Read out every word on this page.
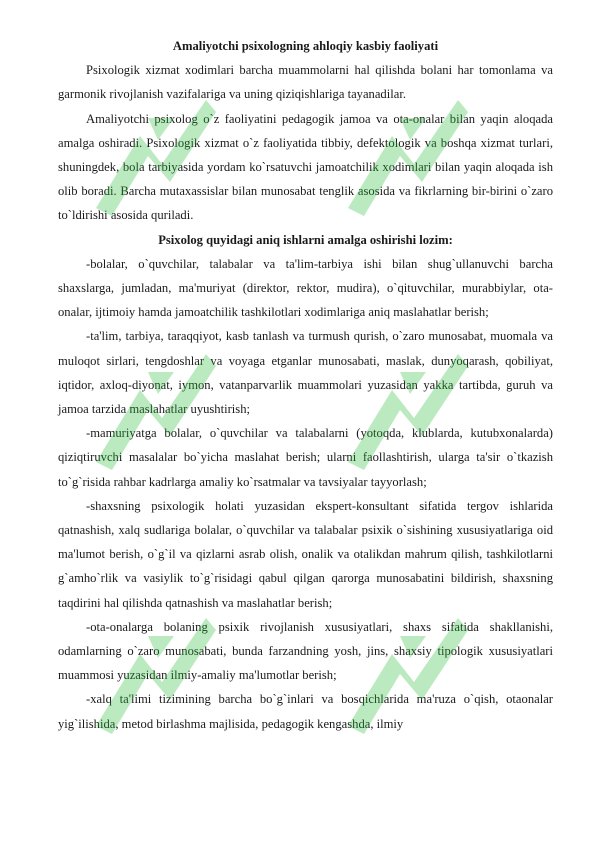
Amaliyotchi psixologning ahloqiy kasbiy faoliyati

Psixologik xizmat xodimlari barcha muammolarni hal qilishda bolani har tomonlama va garmonik rivojlanish vazifalariga va uning qiziqishlariga tayanadilar.

Amaliyotchi psixolog o`z faoliyatini pedagogik jamoa va ota-onalar bilan yaqin aloqada amalga oshiradi. Psixologik xizmat o`z faoliyatida tibbiy, defektologik va boshqa xizmat turlari, shuningdek, bola tarbiyasida yordam ko`rsatuvchi jamoatchilik xodimlari bilan yaqin aloqada ish olib boradi. Barcha mutaxassislar bilan munosabat tenglik asosida va fikrlarning bir-birini o`zaro to`ldirishi asosida quriladi.

Psixolog quyidagi aniq ishlarni amalga oshirishi lozim:

-bolalar, o`quvchilar, talabalar va ta'lim-tarbiya ishi bilan shug`ullanuvchi barcha shaxslarga, jumladan, ma'muriyat (direktor, rektor, mudira), o`qituvchilar, murabbiylar, ota-onalar, ijtimoiy hamda jamoatchilik tashkilotlari xodimlariga aniq maslahatlar berish;

-ta'lim, tarbiya, taraqqiyot, kasb tanlash va turmush qurish, o`zaro munosabat, muomala va muloqot sirlari, tengdoshlar va voyaga etganlar munosabati, maslak, dunyoqarash, qobiliyat, iqtidor, axloq-diyonat, iymon, vatanparvarlik muammolari yuzasidan yakka tartibda, guruh va jamoa tarzida maslahatlar uyushtirish;

-mamuriyatga bolalar, o`quvchilar va talabalarni (yotoqda, klublarda, kutubxonalarda) qiziqtiruvchi masalalar bo`yicha maslahat berish; ularni faollashtirish, ularga ta'sir o`tkazish to`g`risida rahbar kadrlarga amaliy ko`rsatmalar va tavsiyalar tayyorlash;

-shaxsning psixologik holati yuzasidan ekspert-konsultant sifatida tergov ishlarida qatnashish, xalq sudlariga bolalar, o`quvchilar va talabalar psixik o`sishining xususiyatlariga oid ma'lumot berish, o`g`il va qizlarni asrab olish, onalik va otalikdan mahrum qilish, tashkilotlarni g`amho`rlik va vasiylik to`g`risidagi qabul qilgan qarorga munosabatini bildirish, shaxsning taqdirini hal qilishda qatnashish va maslahatlar berish;

-ota-onalarga bolaning psixik rivojlanish xususiyatlari, shaxs sifatida shakllanishi, odamlarning o`zaro munosabati, bunda farzandning yosh, jins, shaxsiy tipologik xususiyatlari muammosi yuzasidan ilmiy-amaliy ma'lumotlar berish;

-xalq ta'limi tizimining barcha bo`g`inlari va bosqichlarida ma'ruza o`qish, otaonalar yig`ilishida, metod birlashma majlisida, pedagogik kengashda, ilmiy
